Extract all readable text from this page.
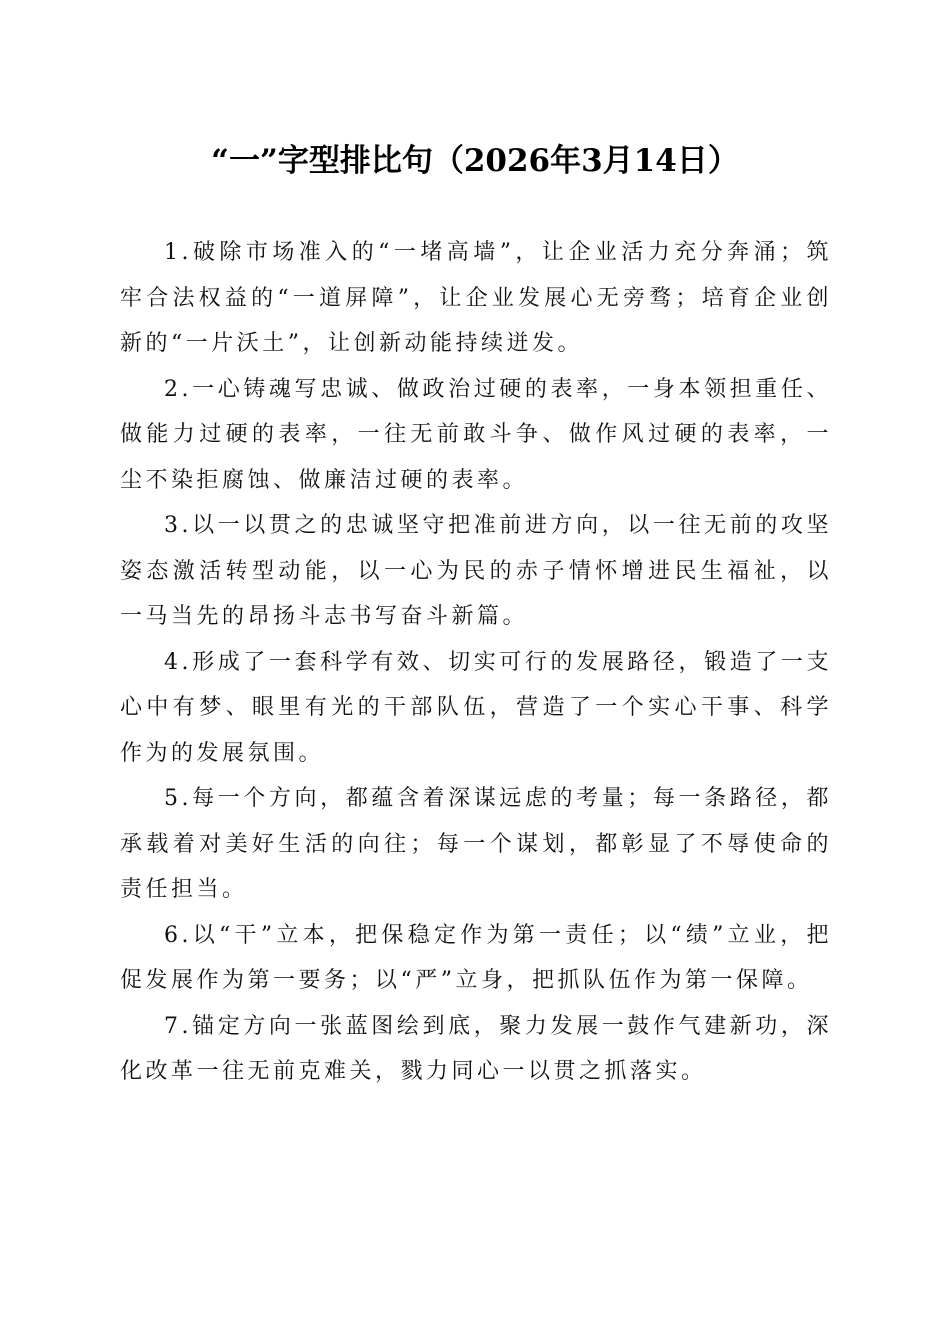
“一”字型排比句（2026年3月14日）

1.破除市场准入的“一堵高墙”，让企业活力充分奔涌；筑牢合法权益的“一道屏障”，让企业发展心无旁骛；培育企业创新的“一片沃土”，让创新动能持续迸发。

2.一心铸魂写忠诚、做政治过硬的表率，一身本领担重任、做能力过硬的表率，一往无前敢斗争、做作风过硬的表率，一尘不染拒腐蚀、做廉洁过硬的表率。

3.以一以贯之的忠诚坚守把准前进方向，以一往无前的攻坚姿态激活转型动能，以一心为民的赤子情怀增进民生福祉，以一马当先的昂扬斗志书写奋斗新篇。

4.形成了一套科学有效、切实可行的发展路径，锻造了一支心中有梦、眼里有光的干部队伍，营造了一个实心干事、科学作为的发展氛围。

5.每一个方向，都蕴含着深谋远虑的考量；每一条路径，都承载着对美好生活的向往；每一个谋划，都彰显了不辱使命的责任担当。

6.以“干”立本，把保稳定作为第一责任；以“绩”立业，把促发展作为第一要务；以“严”立身，把抓队伍作为第一保障。

7.锚定方向一张蓝图绘到底，聚力发展一鼓作气建新功，深化改革一往无前克难关，戮力同心一以贯之抓落实。
